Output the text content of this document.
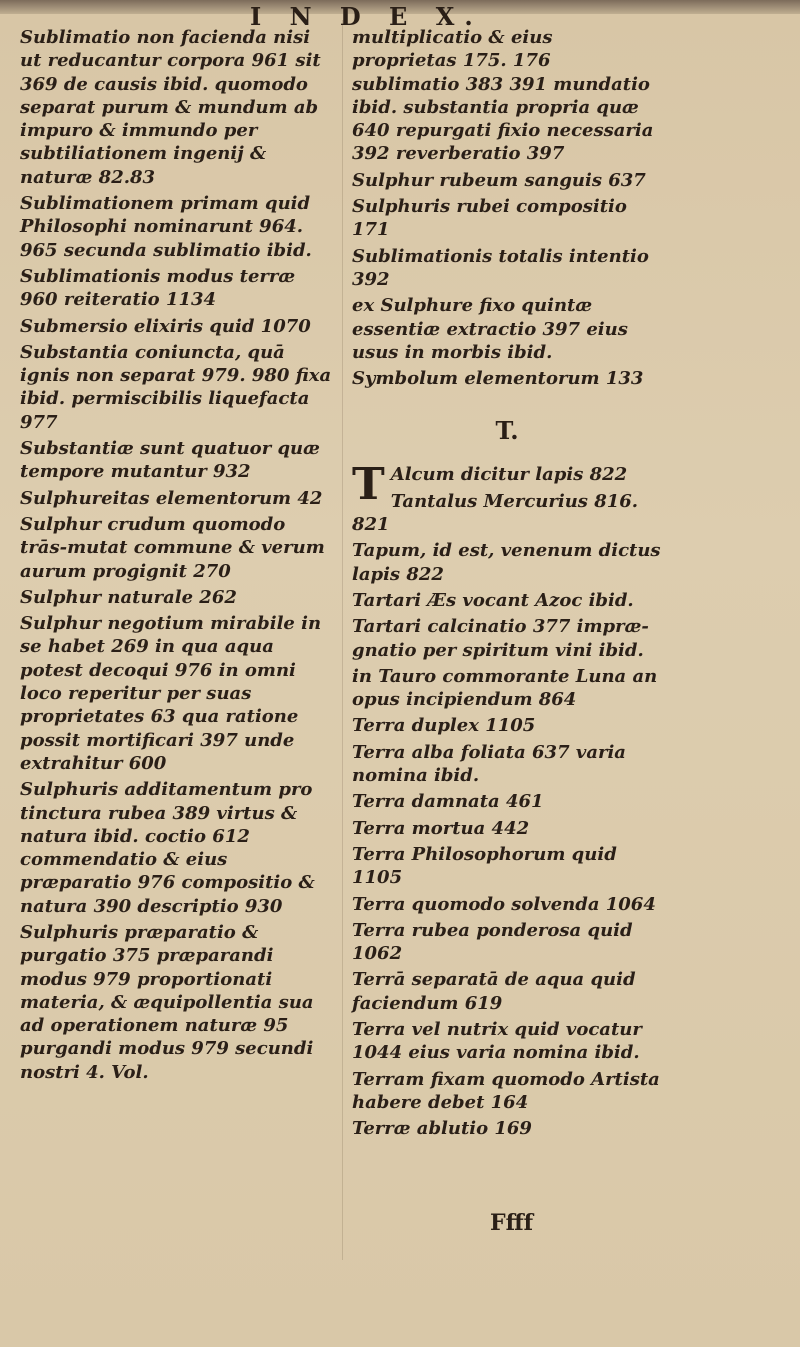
I N D E X.
Sublimatio non facienda nisi ut reducantur corpora 961 sit 369 de causis ibid. quomodo separat purum & mundum ab impuro & immundo per subtiliationem ingenij & naturæ 82.83
Sublimationem primam quid Philosophi nominarunt 964. 965 secunda sublimatio ibid.
Sublimationis modus terræ 960 reiteratio 1134
Submersio elixiris quid 1070
Substantia coniuncta, quā ignis non separat 979. 980 fixa ibid. permiscibilis liquefacta 977
Substantiæ sunt quatuor quæ tempore mutantur 932
Sulphureitas elementorum 42
Sulphur crudum quomodo trās-mutat commune & verum aurum progignit 270
Sulphur naturale 262
Sulphur negotium mirabile in se habet 269 in qua aqua potest decoqui 976 in omni loco reperitur per suas proprietates 63 qua ratione possit mortificari 397 unde extrahitur 600
Sulphuris additamentum pro tinctura rubea 389 virtus & natura ibid. coctio 612 commendatio & eius præparatio 976 compositio & natura 390 descriptio 930
Sulphuris præparatio & purgatio 375 præparandi modus 979 proportionati materia, & æquipollentia sua ad operationem naturæ 95 purgandi modus 979 secundi nostri 4. Vol.
multiplicatio & eius proprietas 175. 176 sublimatio 383 391 mundatio ibid. substantia propria quæ 640 repurgati fixio necessaria 392 reverberatio 397
Sulphur rubeum sanguis 637
Sulphuris rubei compositio 171
Sublimationis totalis intentio 392
ex Sulphure fixo quintæ essentiæ extractio 397 eius usus in morbis ibid.
Symbolum elementorum 133
T.
T Alcum dicitur lapis 822
Tantalus Mercurius 816. 821
Tapum, id est, venenum dictus lapis 822
Tartari Æs vocant Azoc ibid.
Tartari calcinatio 377 impræ-gnatio per spiritum vini ibid.
in Tauro commorante Luna an opus incipiendum 864
Terra duplex 1105
Terra alba foliata 637 varia nomina ibid.
Terra damnata 461
Terra mortua 442
Terra Philosophorum quid 1105
Terra quomodo solvenda 1064
Terra rubea ponderosa quid 1062
Terrā separatā de aqua quid faciendum 619
Terra vel nutrix quid vocatur 1044 eius varia nomina ibid.
Terram fixam quomodo Artista habere debet 164
Terræ ablutio 169
Ffff
